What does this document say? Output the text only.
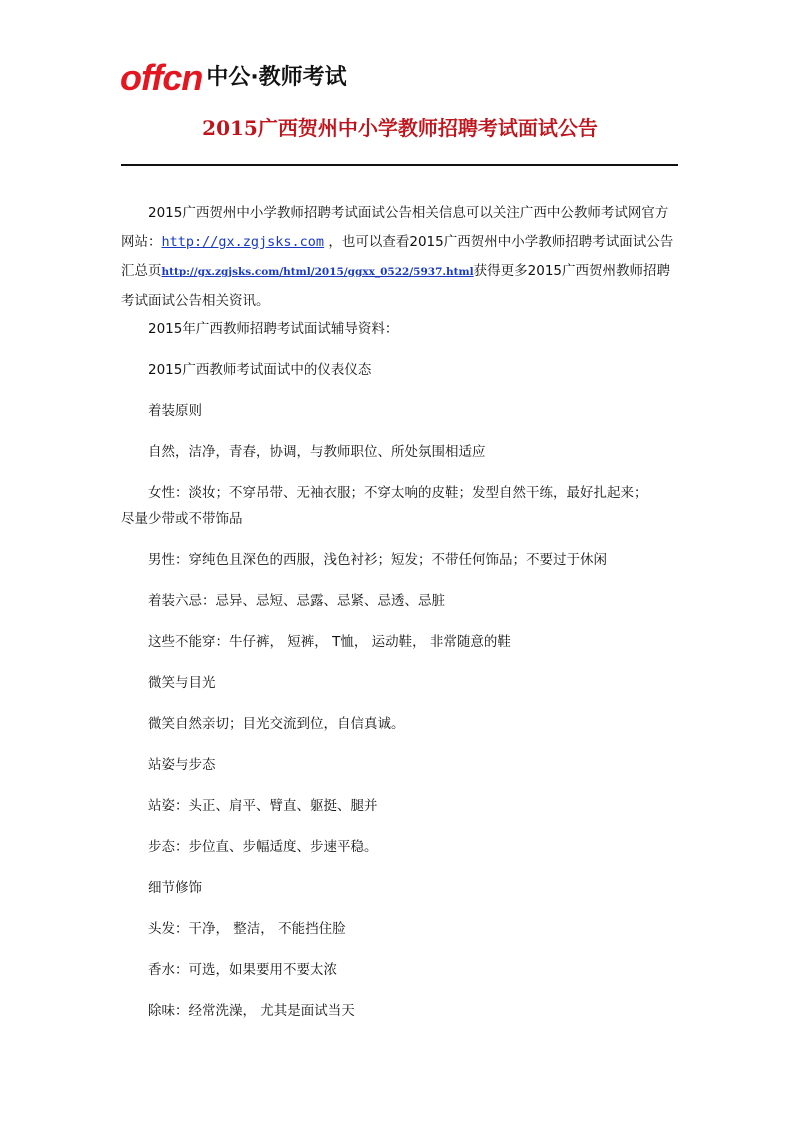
offcn 中公·教师考试
2015广西贺州中小学教师招聘考试面试公告
2015广西贺州中小学教师招聘考试面试公告相关信息可以关注广西中公教师考试网官方网站：http://gx.zgjsks.com ，也可以查看2015广西贺州中小学教师招聘考试面试公告汇总页http://gx.zgjsks.com/html/2015/ggxx_0522/5937.html获得更多2015广西贺州教师招聘考试面试公告相关资讯。
2015年广西教师招聘考试面试辅导资料：
2015广西教师考试面试中的仪表仪态
着装原则
自然，洁净，青春，协调，与教师职位、所处氛围相适应
女性：淡妆；不穿吊带、无袖衣服；不穿太响的皮鞋；发型自然干练，最好扎起来；
尽量少带或不带饰品
男性：穿纯色且深色的西服，浅色衬衫；短发；不带任何饰品；不要过于休闲
着装六忌：忌异、忌短、忌露、忌紧、忌透、忌脏
这些不能穿：牛仔裤， 短裤， T恤， 运动鞋， 非常随意的鞋
微笑与目光
微笑自然亲切；目光交流到位，自信真诚。
站姿与步态
站姿：头正、肩平、臂直、躯挺、腿并
步态：步位直、步幅适度、步速平稳。
细节修饰
头发：干净， 整洁， 不能挡住脸
香水：可选，如果要用不要太浓
除味：经常洗澡， 尤其是面试当天
